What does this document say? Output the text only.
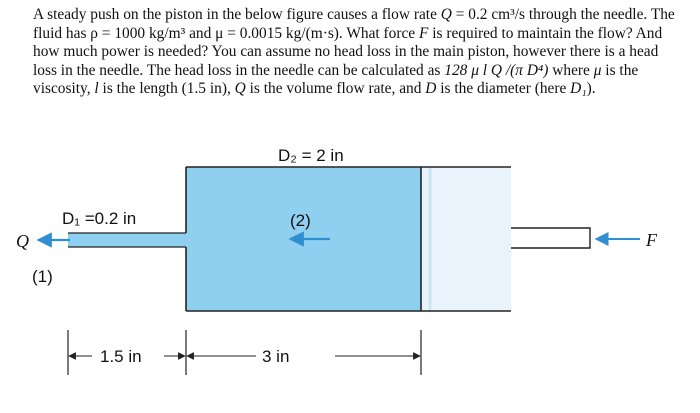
A steady push on the piston in the below figure causes a flow rate Q = 0.2 cm³/s through the needle. The fluid has ρ = 1000 kg/m³ and μ = 0.0015 kg/(m·s). What force F is required to maintain the flow? And how much power is needed? You can assume no head loss in the main piston, however there is a head loss in the needle. The head loss in the needle can be calculated as 128 μ l Q /(π D⁴) where μ is the viscosity, l is the length (1.5 in), Q is the volume flow rate, and D is the diameter (here D₁).

D₂ = 2 in
D₁ =0.2 in	(2)
(1)
Q	F
1.5 in	3 in
